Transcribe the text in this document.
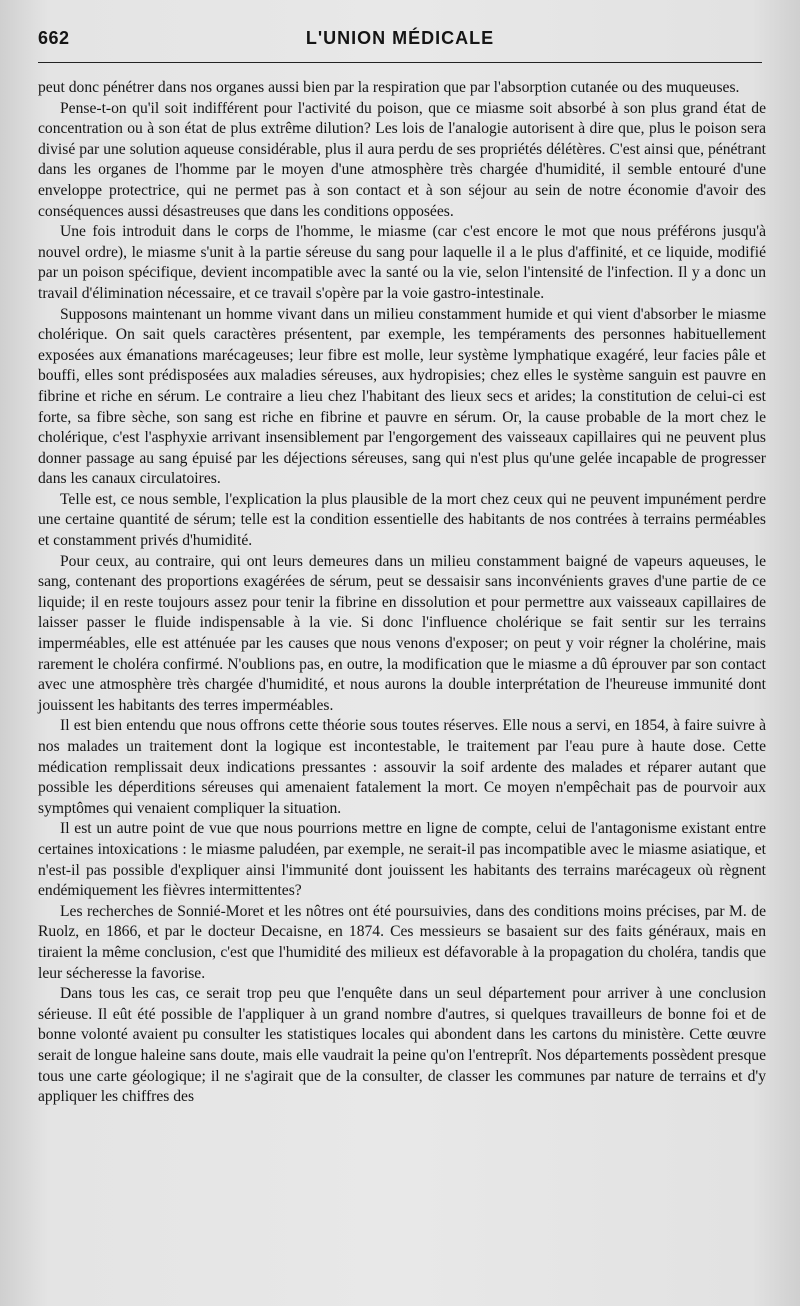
662	L'UNION MÉDICALE

peut donc pénétrer dans nos organes aussi bien par la respiration que par l'absorption cutanée ou des muqueuses.

Pense-t-on qu'il soit indifférent pour l'activité du poison, que ce miasme soit absorbé à son plus grand état de concentration ou à son état de plus extrême dilution? Les lois de l'analogie autorisent à dire que, plus le poison sera divisé par une solution aqueuse considérable, plus il aura perdu de ses propriétés délétères. C'est ainsi que, pénétrant dans les organes de l'homme par le moyen d'une atmosphère très chargée d'humidité, il semble entouré d'une enveloppe protectrice, qui ne permet pas à son contact et à son séjour au sein de notre économie d'avoir des conséquences aussi désastreuses que dans les conditions opposées.

Une fois introduit dans le corps de l'homme, le miasme (car c'est encore le mot que nous préférons jusqu'à nouvel ordre), le miasme s'unit à la partie séreuse du sang pour laquelle il a le plus d'affinité, et ce liquide, modifié par un poison spécifique, devient incompatible avec la santé ou la vie, selon l'intensité de l'infection. Il y a donc un travail d'élimination nécessaire, et ce travail s'opère par la voie gastro-intestinale.

Supposons maintenant un homme vivant dans un milieu constamment humide et qui vient d'absorber le miasme cholérique. On sait quels caractères présentent, par exemple, les tempéraments des personnes habituellement exposées aux émanations marécageuses; leur fibre est molle, leur système lymphatique exagéré, leur facies pâle et bouffi, elles sont prédisposées aux maladies séreuses, aux hydropisies; chez elles le système sanguin est pauvre en fibrine et riche en sérum. Le contraire a lieu chez l'habitant des lieux secs et arides; la constitution de celui-ci est forte, sa fibre sèche, son sang est riche en fibrine et pauvre en sérum. Or, la cause probable de la mort chez le cholérique, c'est l'asphyxie arrivant insensiblement par l'engorgement des vaisseaux capillaires qui ne peuvent plus donner passage au sang épuisé par les déjections séreuses, sang qui n'est plus qu'une gelée incapable de progresser dans les canaux circulatoires.

Telle est, ce nous semble, l'explication la plus plausible de la mort chez ceux qui ne peuvent impunément perdre une certaine quantité de sérum; telle est la condition essentielle des habitants de nos contrées à terrains perméables et constamment privés d'humidité.

Pour ceux, au contraire, qui ont leurs demeures dans un milieu constamment baigné de vapeurs aqueuses, le sang, contenant des proportions exagérées de sérum, peut se dessaisir sans inconvénients graves d'une partie de ce liquide; il en reste toujours assez pour tenir la fibrine en dissolution et pour permettre aux vaisseaux capillaires de laisser passer le fluide indispensable à la vie. Si donc l'influence cholérique se fait sentir sur les terrains imperméables, elle est atténuée par les causes que nous venons d'exposer; on peut y voir régner la cholérine, mais rarement le choléra confirmé. N'oublions pas, en outre, la modification que le miasme a dû éprouver par son contact avec une atmosphère très chargée d'humidité, et nous aurons la double interprétation de l'heureuse immunité dont jouissent les habitants des terres imperméables.

Il est bien entendu que nous offrons cette théorie sous toutes réserves. Elle nous a servi, en 1854, à faire suivre à nos malades un traitement dont la logique est incontestable, le traitement par l'eau pure à haute dose. Cette médication remplissait deux indications pressantes : assouvir la soif ardente des malades et réparer autant que possible les déperditions séreuses qui amenaient fatalement la mort. Ce moyen n'empêchait pas de pourvoir aux symptômes qui venaient compliquer la situation.

Il est un autre point de vue que nous pourrions mettre en ligne de compte, celui de l'antagonisme existant entre certaines intoxications : le miasme paludéen, par exemple, ne serait-il pas incompatible avec le miasme asiatique, et n'est-il pas possible d'expliquer ainsi l'immunité dont jouissent les habitants des terrains marécageux où règnent endémiquement les fièvres intermittentes?

Les recherches de Sonnié-Moret et les nôtres ont été poursuivies, dans des conditions moins précises, par M. de Ruolz, en 1866, et par le docteur Decaisne, en 1874. Ces messieurs se basaient sur des faits généraux, mais en tiraient la même conclusion, c'est que l'humidité des milieux est défavorable à la propagation du choléra, tandis que leur sécheresse la favorise.

Dans tous les cas, ce serait trop peu que l'enquête dans un seul département pour arriver à une conclusion sérieuse. Il eût été possible de l'appliquer à un grand nombre d'autres, si quelques travailleurs de bonne foi et de bonne volonté avaient pu consulter les statistiques locales qui abondent dans les cartons du ministère. Cette œuvre serait de longue haleine sans doute, mais elle vaudrait la peine qu'on l'entreprît. Nos départements possèdent presque tous une carte géologique; il ne s'agirait que de la consulter, de classer les communes par nature de terrains et d'y appliquer les chiffres des
